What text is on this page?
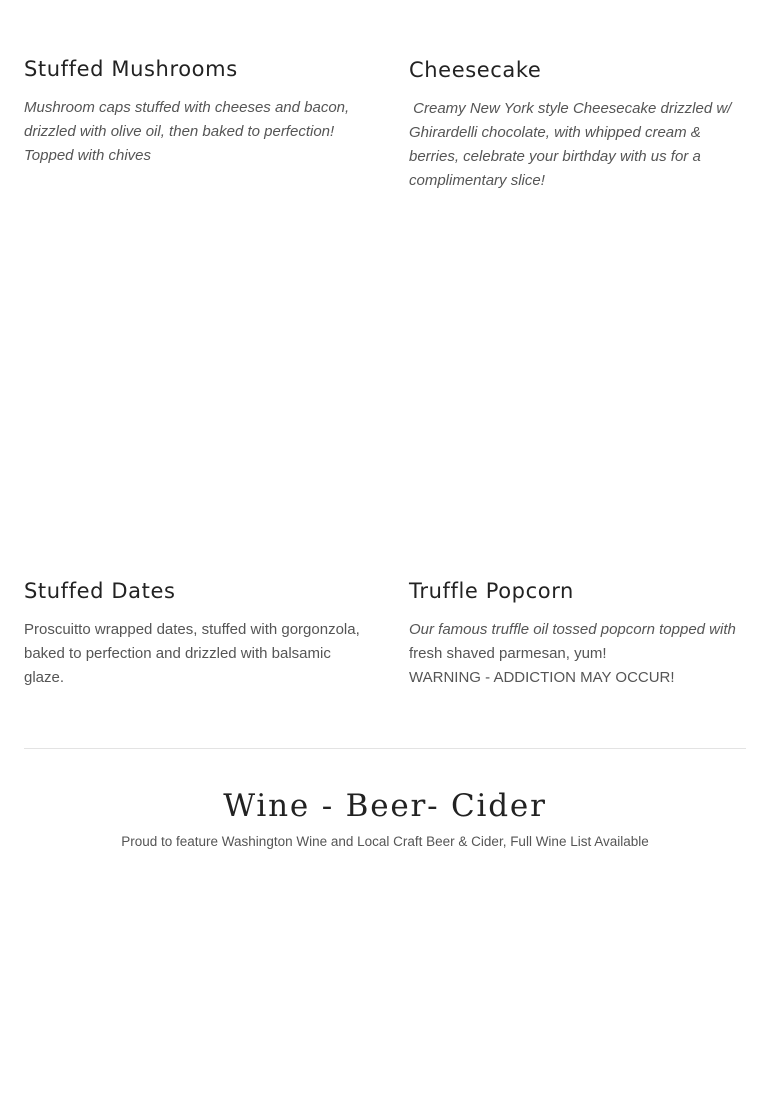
Stuffed Mushrooms

Mushroom caps stuffed with cheeses and bacon, drizzled with olive oil, then baked to perfection! Topped with chives

Cheesecake

Creamy New York style Cheesecake drizzled w/ Ghirardelli chocolate, with whipped cream & berries, celebrate your birthday with us for a complimentary slice!

Stuffed Dates

Proscuitto wrapped dates, stuffed with gorgonzola, baked to perfection and drizzled with balsamic glaze.

Truffle Popcorn
Our famous truffle oil tossed popcorn topped with
fresh shaved parmesan, yum!
WARNING - ADDICTION MAY OCCUR!
Wine - Beer- Cider

Proud to feature Washington Wine and Local Craft Beer & Cider, Full Wine List Available
